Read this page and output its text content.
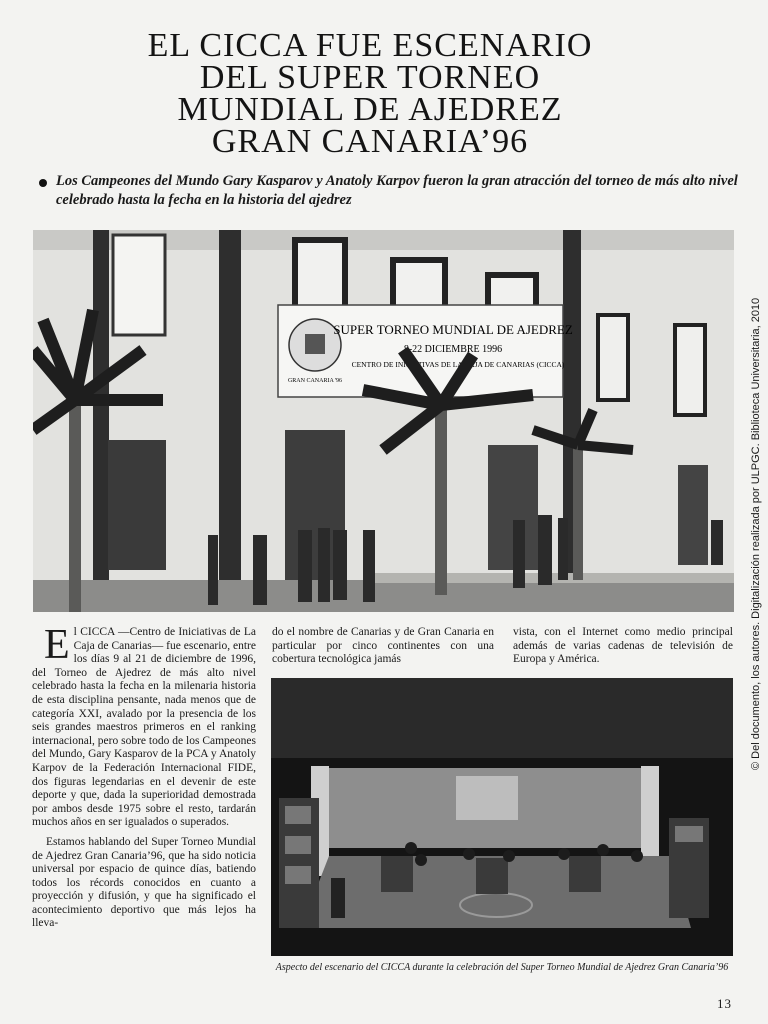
EL CICCA FUE ESCENARIO
DEL SUPER TORNEO
MUNDIAL DE AJEDREZ
GRAN CANARIA’96

Los Campeones del Mundo Gary Kasparov y Anatoly Karpov fueron la gran atracción del torneo de más alto nivel celebrado hasta la fecha en la historia del ajedrez

GRAN CANARIA '96
SUPER TORNEO MUNDIAL DE AJEDREZ
8-22 DICIEMBRE 1996
CENTRO DE INICIATIVAS DE LA CAJA DE CANARIAS (CICCA)

El CICCA —Centro de Iniciativas de La Caja de Canarias— fue escenario, entre los días 9 al 21 de diciembre de 1996, del Torneo de Ajedrez de más alto nivel celebrado hasta la fecha en la milenaria historia de esta disciplina pensante, nada menos que de categoría XXI, avalado por la presencia de los seis grandes maestros primeros en el ranking internacional, pero sobre todo de los Campeones del Mundo, Gary Kasparov de la PCA y Anatoly Karpov de la Federación Internacional FIDE, dos figuras legendarias en el devenir de este deporte y que, dada la superioridad demostrada por ambos desde 1975 sobre el resto, tardarán muchos años en ser igualados o superados.

Estamos hablando del Super Torneo Mundial de Ajedrez Gran Canaria’96, que ha sido noticia universal por espacio de quince días, batiendo todos los récords conocidos en cuanto a proyección y difusión, y que ha significado el acontecimiento deportivo que más lejos ha lleva-

do el nombre de Canarias y de Gran Canaria en particular por cinco continentes con una cobertura tecnológica jamás

vista, con el Internet como medio principal además de varias cadenas de televisión de Europa y América.

Aspecto del escenario del CICCA durante la celebración del Super Torneo Mundial de Ajedrez Gran Canaria’96
13
© Del documento, los autores. Digitalización realizada por ULPGC. Biblioteca Universitaria, 2010
